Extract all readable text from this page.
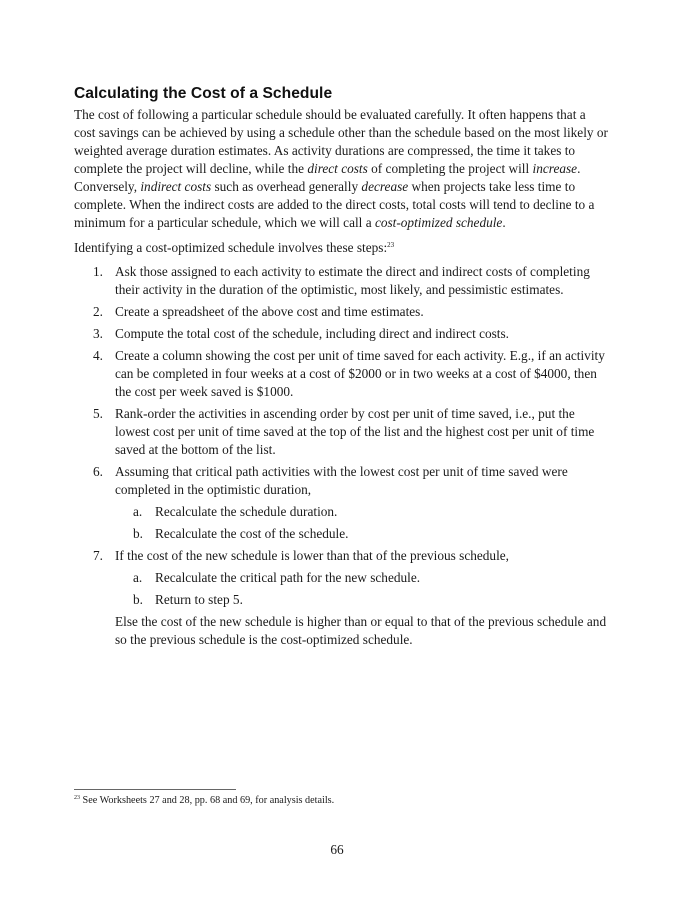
Calculating the Cost of a Schedule

The cost of following a particular schedule should be evaluated carefully. It often happens that a cost savings can be achieved by using a schedule other than the schedule based on the most likely or weighted average duration estimates. As activity durations are compressed, the time it takes to complete the project will decline, while the direct costs of completing the project will increase. Conversely, indirect costs such as overhead generally decrease when projects take less time to complete. When the indirect costs are added to the direct costs, total costs will tend to decline to a minimum for a particular schedule, which we will call a cost-optimized schedule.

Identifying a cost-optimized schedule involves these steps:$^{23}$

1. Ask those assigned to each activity to estimate the direct and indirect costs of completing their activity in the duration of the optimistic, most likely, and pessimistic estimates.
2. Create a spreadsheet of the above cost and time estimates.
3. Compute the total cost of the schedule, including direct and indirect costs.
4. Create a column showing the cost per unit of time saved for each activity. E.g., if an activity can be completed in four weeks at a cost of $2000 or in two weeks at a cost of $4000, then the cost per week saved is $1000.
5. Rank-order the activities in ascending order by cost per unit of time saved, i.e., put the lowest cost per unit of time saved at the top of the list and the highest cost per unit of time saved at the bottom of the list.
6. Assuming that critical path activities with the lowest cost per unit of time saved were completed in the optimistic duration,
a. Recalculate the schedule duration.
b. Recalculate the cost of the schedule.
7. If the cost of the new schedule is lower than that of the previous schedule,
a. Recalculate the critical path for the new schedule.
b. Return to step 5.

Else the cost of the new schedule is higher than or equal to that of the previous schedule and so the previous schedule is the cost-optimized schedule.

$^{23}$ See Worksheets 27 and 28, pp. 68 and 69, for analysis details.

66
